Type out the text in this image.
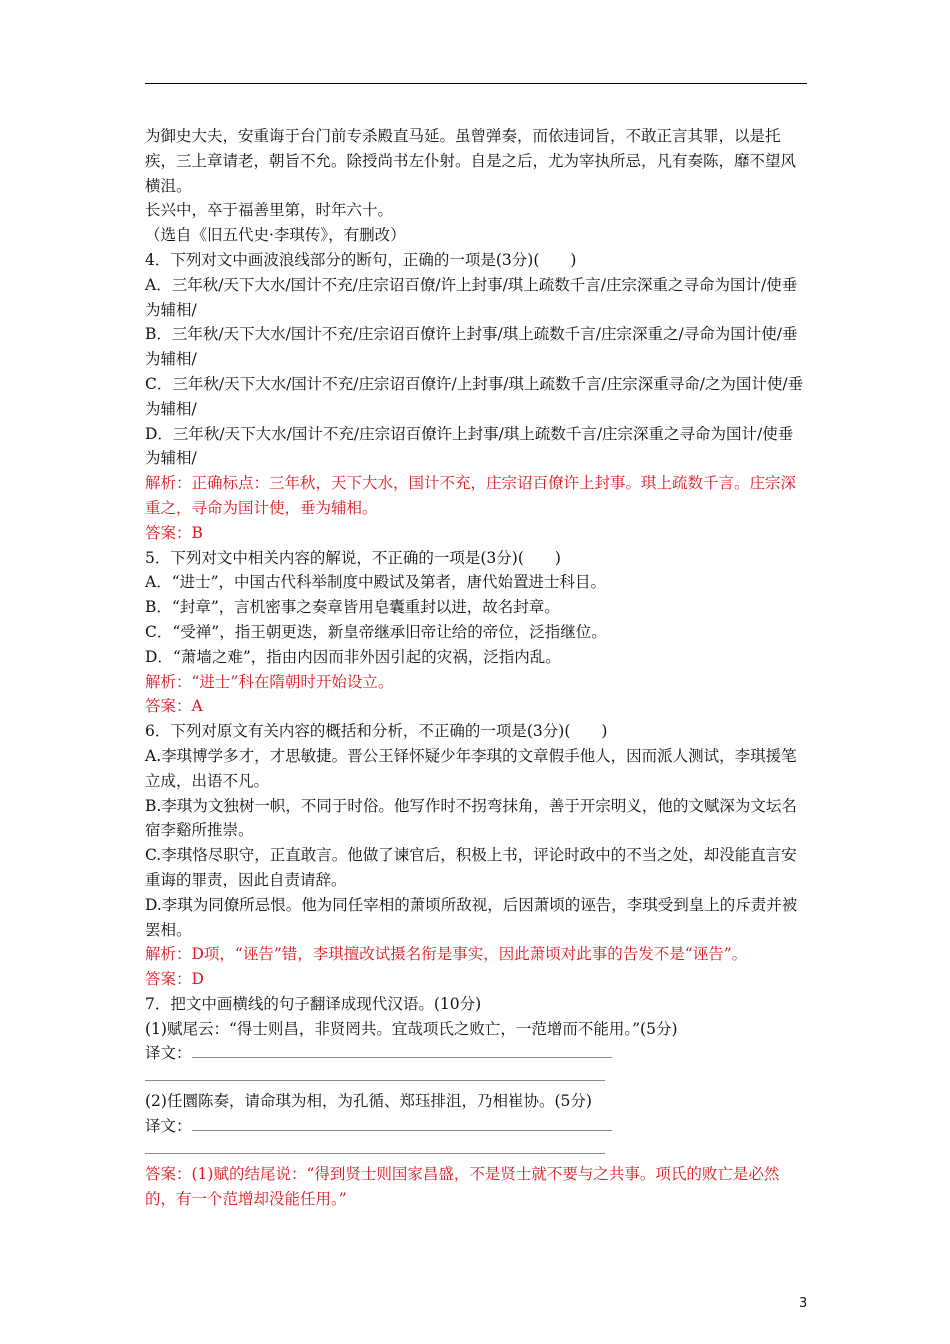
为御史大夫，安重诲于台门前专杀殿直马延。虽曾弹奏，而依违词旨，不敢正言其罪，以是托疾，三上章请老，朝旨不允。除授尚书左仆射。自是之后，尤为宰执所忌，凡有奏陈，靡不望风横沮。

长兴中，卒于福善里第，时年六十。

（选自《旧五代史·李琪传》，有删改）

4．下列对文中画波浪线部分的断句，正确的一项是(3分)(　　)

A．三年秋/天下大水/国计不充/庄宗诏百僚/许上封事/琪上疏数千言/庄宗深重之寻命为国计/使垂为辅相/

B．三年秋/天下大水/国计不充/庄宗诏百僚许上封事/琪上疏数千言/庄宗深重之/寻命为国计使/垂为辅相/

C．三年秋/天下大水/国计不充/庄宗诏百僚许/上封事/琪上疏数千言/庄宗深重寻命/之为国计使/垂为辅相/

D．三年秋/天下大水/国计不充/庄宗诏百僚许上封事/琪上疏数千言/庄宗深重之寻命为国计/使垂为辅相/

解析：正确标点：三年秋，天下大水，国计不充，庄宗诏百僚许上封事。琪上疏数千言。庄宗深重之，寻命为国计使，垂为辅相。

答案：B

5．下列对文中相关内容的解说，不正确的一项是(3分)(　　)

A．“进士”，中国古代科举制度中殿试及第者，唐代始置进士科目。

B．“封章”，言机密事之奏章皆用皂囊重封以进，故名封章。

C．“受禅”，指王朝更迭，新皇帝继承旧帝让给的帝位，泛指继位。

D．“萧墙之难”，指由内因而非外因引起的灾祸，泛指内乱。

解析：“进士”科在隋朝时开始设立。

答案：A

6．下列对原文有关内容的概括和分析，不正确的一项是(3分)(　　)

A.李琪博学多才，才思敏捷。晋公王铎怀疑少年李琪的文章假手他人，因而派人测试，李琪援笔立成，出语不凡。

B.李琪为文独树一帜，不同于时俗。他写作时不拐弯抹角，善于开宗明义，他的文赋深为文坛名宿李谿所推崇。

C.李琪恪尽职守，正直敢言。他做了谏官后，积极上书，评论时政中的不当之处，却没能直言安重诲的罪责，因此自责请辞。

D.李琪为同僚所忌恨。他为同任宰相的萧顷所敌视，后因萧顷的诬告，李琪受到皇上的斥责并被罢相。

解析：D项，“诬告”错，李琪擅改试摄名衔是事实，因此萧顷对此事的告发不是“诬告”。

答案：D

7．把文中画横线的句子翻译成现代汉语。(10分)

(1)赋尾云：“得士则昌，非贤罔共。宜哉项氏之败亡，一范增而不能用。”(5分)

译文：

(2)任圜陈奏，请命琪为相，为孔循、郑珏排沮，乃相崔协。(5分)

译文：

答案：(1)赋的结尾说：“得到贤士则国家昌盛，不是贤士就不要与之共事。项氏的败亡是必然的，有一个范增却没能任用。”

3
